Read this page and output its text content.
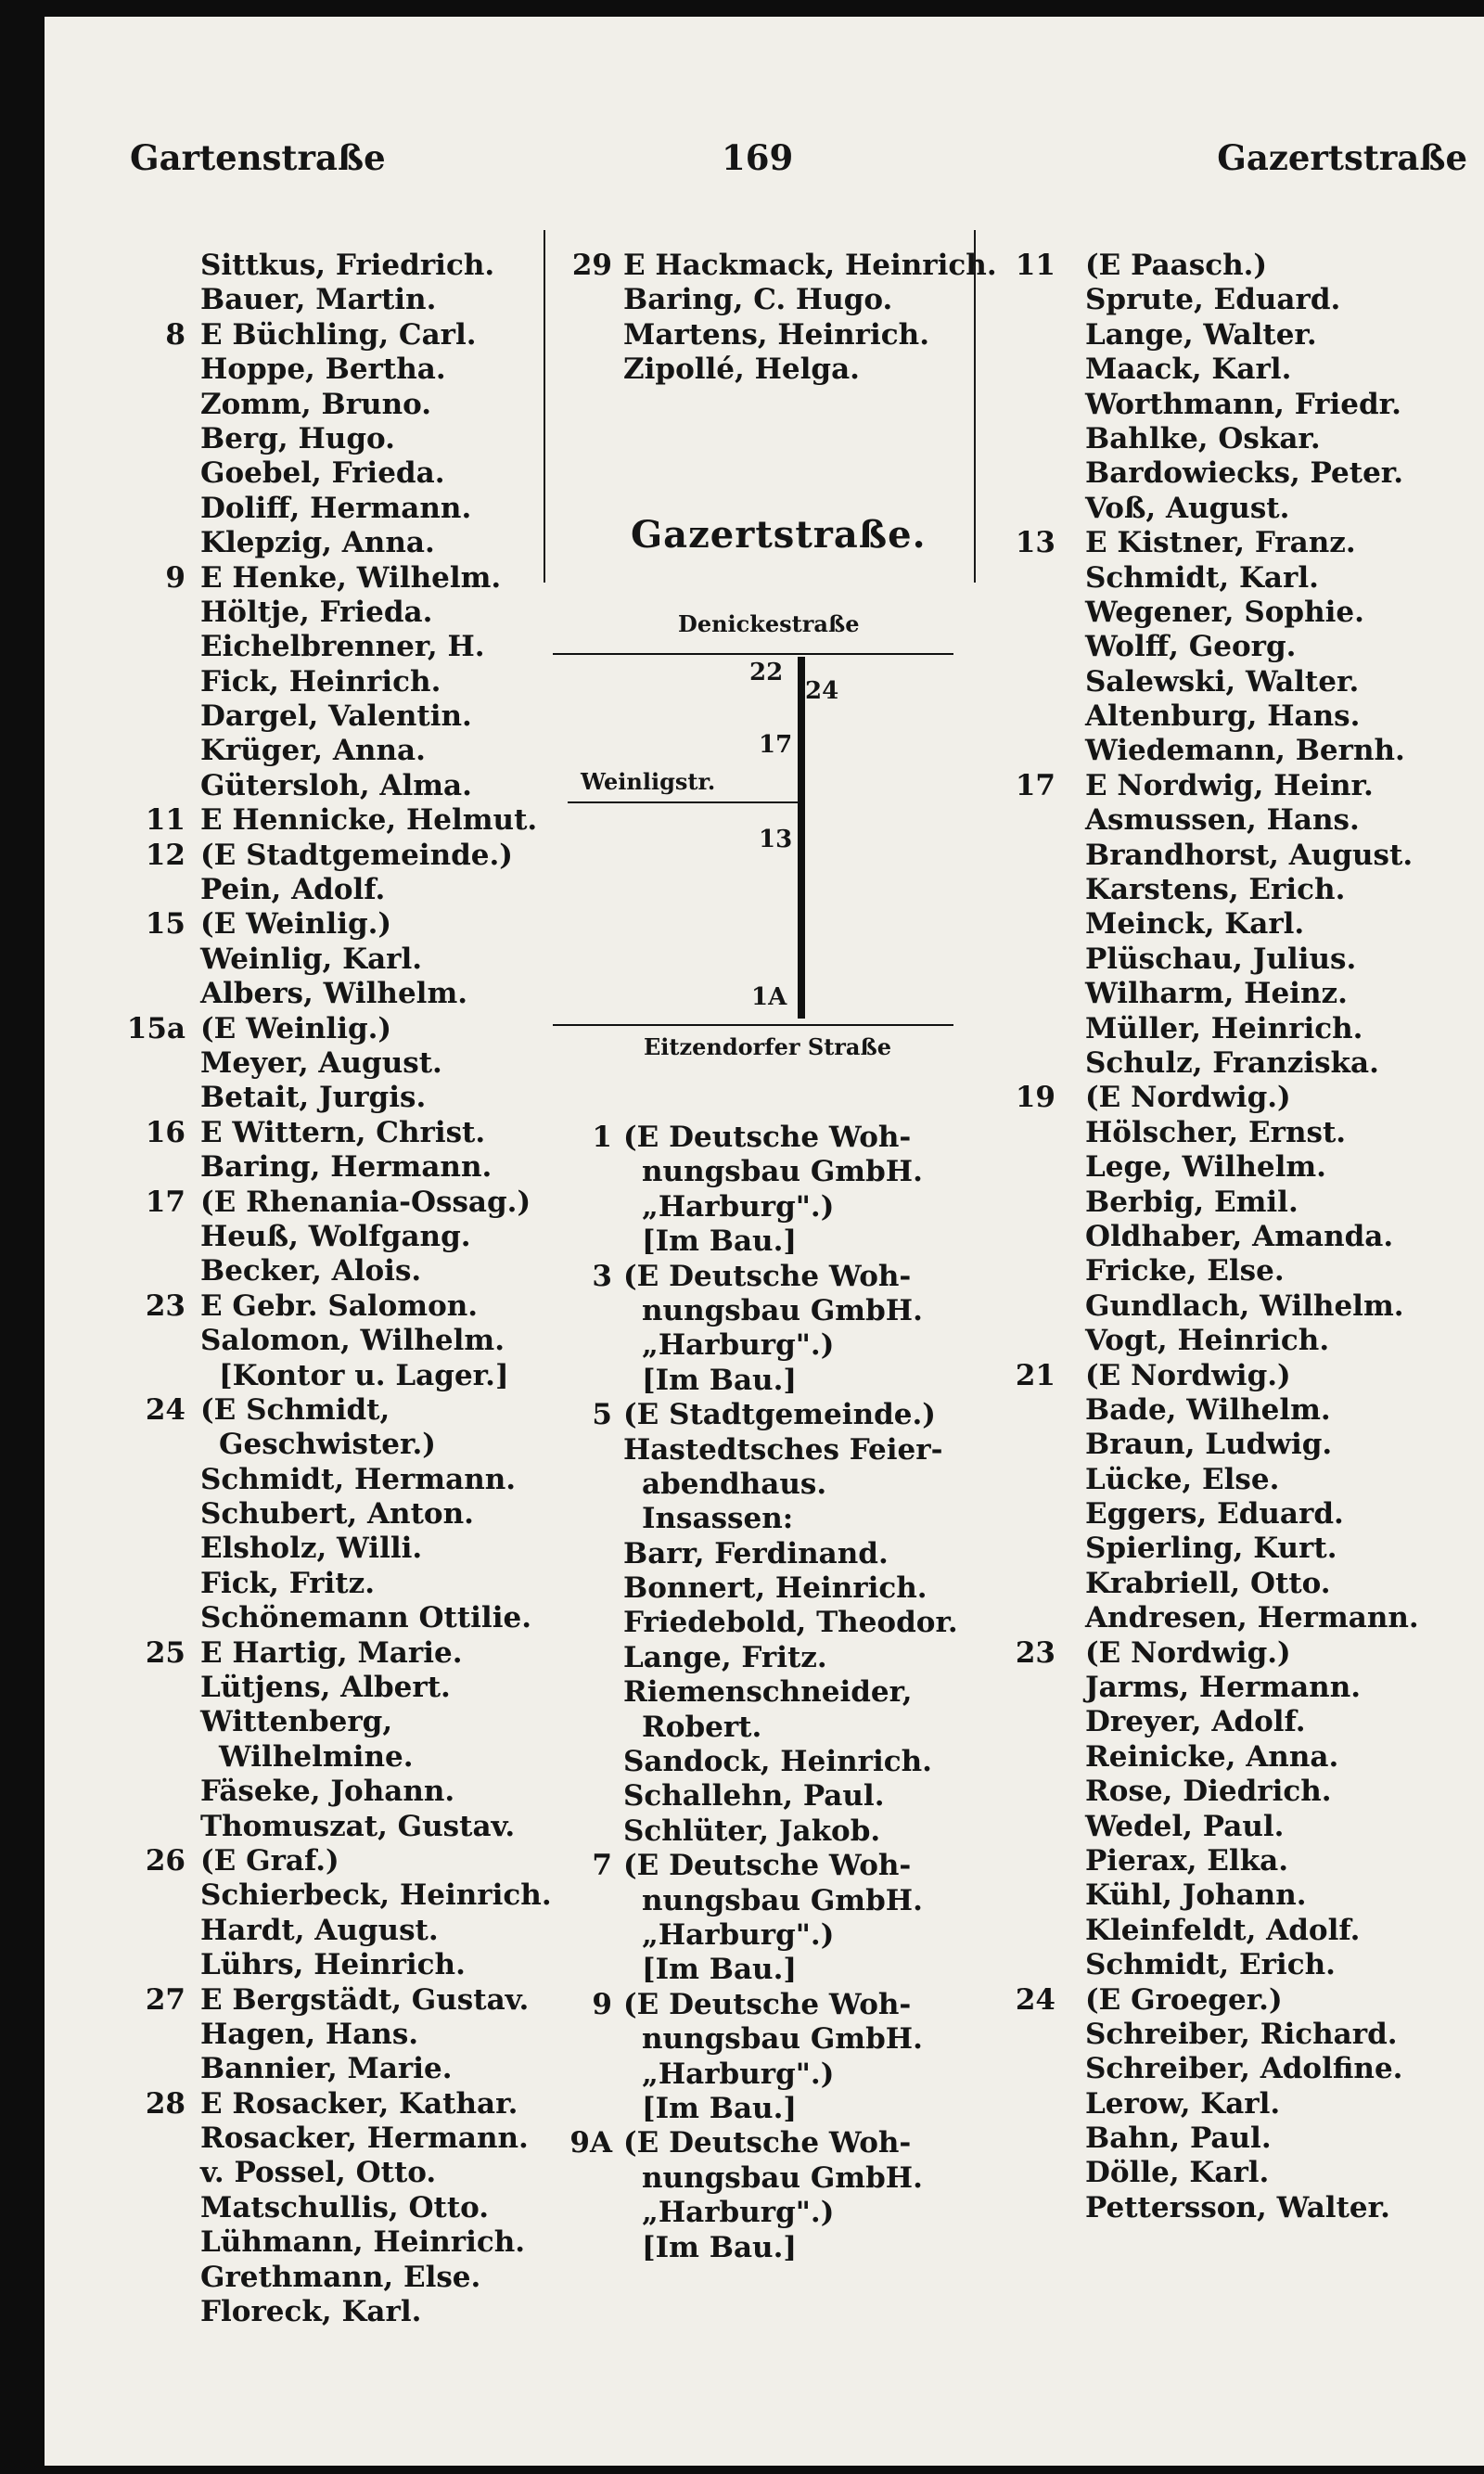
Gartenstraße	169	Gazertstraße
Sittkus, Friedrich.
Bauer, Martin.
8 E Büchling, Carl.
Hoppe, Bertha.
Zomm, Bruno.
Berg, Hugo.
Goebel, Frieda.
Doliff, Hermann.
Klepzig, Anna.
9 E Henke, Wilhelm.
Höltje, Frieda.
Eichelbrenner, H.
Fick, Heinrich.
Dargel, Valentin.
Krüger, Anna.
Gütersloh, Alma.
11 E Hennicke, Helmut.
12 (E Stadtgemeinde.)
Pein, Adolf.
15 (E Weinlig.)
Weinlig, Karl.
Albers, Wilhelm.
15a (E Weinlig.)
Meyer, August.
Betait, Jurgis.
16 E Wittern, Christ.
Baring, Hermann.
17 (E Rhenania-Ossag.)
Heuß, Wolfgang.
Becker, Alois.
23 E Gebr. Salomon.
Salomon, Wilhelm.
[Kontor u. Lager.]
24 (E Schmidt,
Geschwister.)
Schmidt, Hermann.
Schubert, Anton.
Elsholz, Willi.
Fick, Fritz.
Schönemann Ottilie.
25 E Hartig, Marie.
Lütjens, Albert.
Wittenberg,
Wilhelmine.
Fäseke, Johann.
Thomuszat, Gustav.
26 (E Graf.)
Schierbeck, Heinrich.
Hardt, August.
Lührs, Heinrich.
27 E Bergstädt, Gustav.
Hagen, Hans.
Bannier, Marie.
28 E Rosacker, Kathar.
Rosacker, Hermann.
v. Possel, Otto.
Matschullis, Otto.
Lühmann, Heinrich.
Grethmann, Else.
Floreck, Karl.
29 E Hackmack, Heinrich.
Baring, C. Hugo.
Martens, Heinrich.
Zipollé, Helga.
Gazertstraße.
Denickestraße
22
24
17
Weinligstr.
13
1A
Eitzendorfer Straße
1 (E Deutsche Woh-
nungsbau GmbH.
„Harburg".)
[Im Bau.]
3 (E Deutsche Woh-
nungsbau GmbH.
„Harburg".)
[Im Bau.]
5 (E Stadtgemeinde.)
Hastedtsches Feier-
abendhaus.
Insassen:
Barr, Ferdinand.
Bonnert, Heinrich.
Friedebold, Theodor.
Lange, Fritz.
Riemenschneider,
Robert.
Sandock, Heinrich.
Schallehn, Paul.
Schlüter, Jakob.
7 (E Deutsche Woh-
nungsbau GmbH.
„Harburg".)
[Im Bau.]
9 (E Deutsche Woh-
nungsbau GmbH.
„Harburg".)
[Im Bau.]
9A (E Deutsche Woh-
nungsbau GmbH.
„Harburg".)
[Im Bau.]
11 (E Paasch.)
Sprute, Eduard.
Lange, Walter.
Maack, Karl.
Worthmann, Friedr.
Bahlke, Oskar.
Bardowiecks, Peter.
Voß, August.
13 E Kistner, Franz.
Schmidt, Karl.
Wegener, Sophie.
Wolff, Georg.
Salewski, Walter.
Altenburg, Hans.
Wiedemann, Bernh.
17 E Nordwig, Heinr.
Asmussen, Hans.
Brandhorst, August.
Karstens, Erich.
Meinck, Karl.
Plüschau, Julius.
Wilharm, Heinz.
Müller, Heinrich.
Schulz, Franziska.
19 (E Nordwig.)
Hölscher, Ernst.
Lege, Wilhelm.
Berbig, Emil.
Oldhaber, Amanda.
Fricke, Else.
Gundlach, Wilhelm.
Vogt, Heinrich.
21 (E Nordwig.)
Bade, Wilhelm.
Braun, Ludwig.
Lücke, Else.
Eggers, Eduard.
Spierling, Kurt.
Krabriell, Otto.
Andresen, Hermann.
23 (E Nordwig.)
Jarms, Hermann.
Dreyer, Adolf.
Reinicke, Anna.
Rose, Diedrich.
Wedel, Paul.
Pierax, Elka.
Kühl, Johann.
Kleinfeldt, Adolf.
Schmidt, Erich.
24 (E Groeger.)
Schreiber, Richard.
Schreiber, Adolfine.
Lerow, Karl.
Bahn, Paul.
Dölle, Karl.
Pettersson, Walter.
